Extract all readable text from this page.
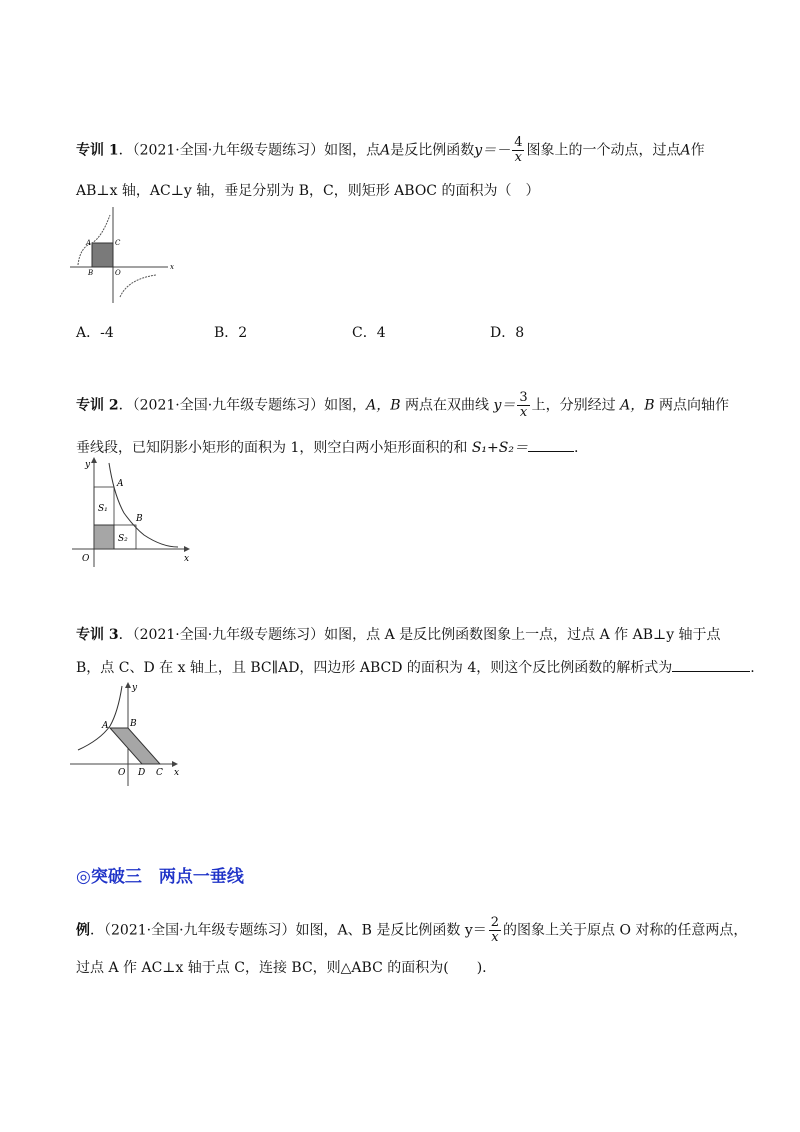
专训 1．（2021·全国·九年级专题练习）如图，点A是反比例函数$y=- \frac{4}{x}$ 图象上的一个动点，过点A作
AB⊥x 轴，AC⊥y 轴，垂足分别为 B，C，则矩形 ABOC 的面积为（　）
A	C
B	O
x
A．-4	B．2	C．4	D．8
专训 2．（2021·全国·九年级专题练习）如图，A，B 两点在双曲线 $y= \frac{3}{x}$ 上，分别经过 A，B 两点向轴作
垂线段，已知阴影小矩形的面积为 1，则空白两小矩形面积的和 S₁+S₂＝	.
y
A
B
S₁
S₂
O	x
专训 3．（2021·全国·九年级专题练习）如图，点 A 是反比例函数图象上一点，过点 A 作 AB⊥y 轴于点
B，点 C、D 在 x 轴上，且 BC∥AD，四边形 ABCD 的面积为 4，则这个反比例函数的解析式为	.
y
A B
O D C x
◎突破三　两点一垂线
例．（2021·全国·九年级专题练习）如图，A、B 是反比例函数 $y= \frac{2}{x}$ 的图象上关于原点 O 对称的任意两点，
过点 A 作 AC⊥x 轴于点 C，连接 BC，则△ABC 的面积为(　　).
